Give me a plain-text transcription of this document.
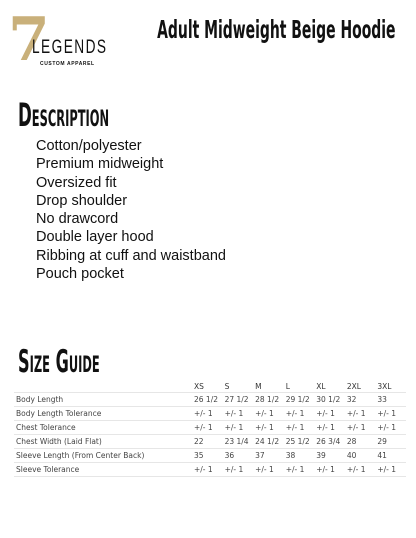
7
LEGENDS
CUSTOM APPAREL
Adult Midweight Beige Hoodie
Description
Cotton/polyester
Premium midweight
Oversized fit
Drop shoulder
No drawcord
Double layer hood
Ribbing at cuff and waistband
Pouch pocket
Size Guide
	XS	S	M	L	XL	2XL	3XL
Body Length	26 1/2	27 1/2	28 1/2	29 1/2	30 1/2	32	33
Body Length Tolerance	+/- 1	+/- 1	+/- 1	+/- 1	+/- 1	+/- 1	+/- 1
Chest Tolerance	+/- 1	+/- 1	+/- 1	+/- 1	+/- 1	+/- 1	+/- 1
Chest Width (Laid Flat)	22	23 1/4	24 1/2	25 1/2	26 3/4	28	29
Sleeve Length (From Center Back)	35	36	37	38	39	40	41
Sleeve Tolerance	+/- 1	+/- 1	+/- 1	+/- 1	+/- 1	+/- 1	+/- 1
